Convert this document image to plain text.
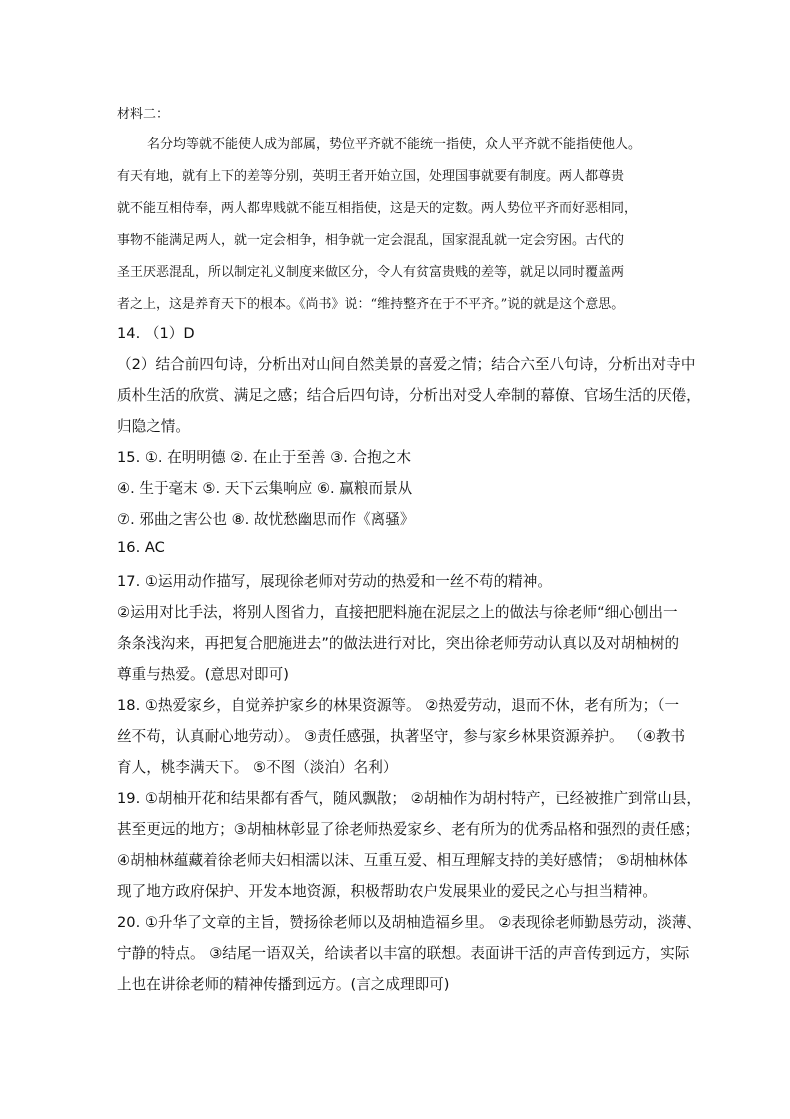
材料二：
名分均等就不能使人成为部属，势位平齐就不能统一指使，众人平齐就不能指使他人。
有天有地，就有上下的差等分别，英明王者开始立国，处理国事就要有制度。两人都尊贵
就不能互相侍奉，两人都卑贱就不能互相指使，这是天的定数。两人势位平齐而好恶相同，
事物不能满足两人，就一定会相争，相争就一定会混乱，国家混乱就一定会穷困。古代的
圣王厌恶混乱，所以制定礼义制度来做区分，令人有贫富贵贱的差等，就足以同时覆盖两
者之上，这是养育天下的根本。《尚书》说：“维持整齐在于不平齐。”说的就是这个意思。
14. （1）D
（2）结合前四句诗，分析出对山间自然美景的喜爱之情；结合六至八句诗，分析出对寺中
质朴生活的欣赏、满足之感；结合后四句诗，分析出对受人牵制的幕僚、官场生活的厌倦，
归隐之情。
15. ①. 在明明德 ②. 在止于至善 ③. 合抱之木
④. 生于毫末 ⑤. 天下云集响应 ⑥. 赢粮而景从
⑦. 邪曲之害公也 ⑧. 故忧愁幽思而作《离骚》
16. AC
17. ①运用动作描写，展现徐老师对劳动的热爱和一丝不苟的精神。
②运用对比手法，将别人图省力，直接把肥料施在泥层之上的做法与徐老师“细心刨出一
条条浅沟来，再把复合肥施进去”的做法进行对比，突出徐老师劳动认真以及对胡柚树的
尊重与热爱。(意思对即可)
18. ①热爱家乡，自觉养护家乡的林果资源等。 ②热爱劳动，退而不休，老有所为；（一
丝不苟，认真耐心地劳动）。 ③责任感强，执著坚守，参与家乡林果资源养护。 （④教书
育人，桃李满天下。 ⑤不图（淡泊）名利）
19. ①胡柚开花和结果都有香气，随风飘散； ②胡柚作为胡村特产，已经被推广到常山县，
甚至更远的地方；③胡柚林彰显了徐老师热爱家乡、老有所为的优秀品格和强烈的责任感；
④胡柚林蕴藏着徐老师夫妇相濡以沫、互重互爱、相互理解支持的美好感情； ⑤胡柚林体
现了地方政府保护、开发本地资源，积极帮助农户发展果业的爱民之心与担当精神。
20. ①升华了文章的主旨，赞扬徐老师以及胡柚造福乡里。 ②表现徐老师勤恳劳动，淡薄、
宁静的特点。 ③结尾一语双关，给读者以丰富的联想。表面讲干活的声音传到远方，实际
上也在讲徐老师的精神传播到远方。(言之成理即可)
